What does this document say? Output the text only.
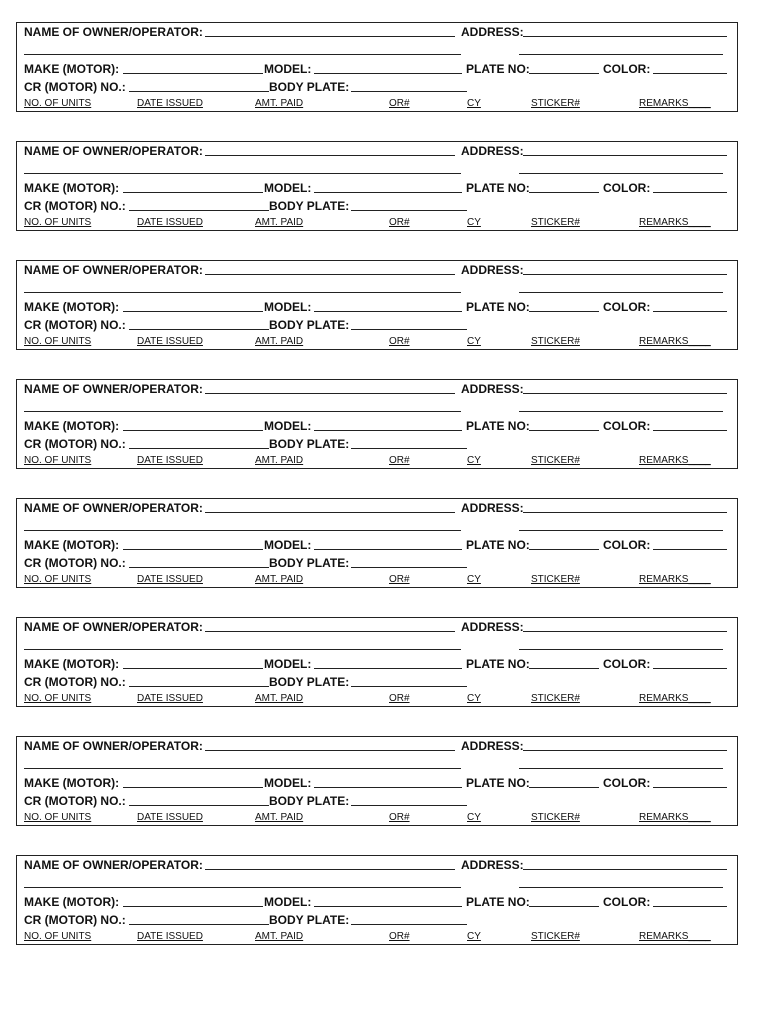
NAME OF OWNER/OPERATOR:	ADDRESS:
MAKE (MOTOR):	MODEL:	PLATE NO:	COLOR:
CR (MOTOR) NO.:	BODY PLATE:
NO. OF UNITS	DATE ISSUED	AMT. PAID	OR#	CY	STICKER#	REMARKS____
NAME OF OWNER/OPERATOR:	ADDRESS:
MAKE (MOTOR):	MODEL:	PLATE NO:	COLOR:
CR (MOTOR) NO.:	BODY PLATE:
NO. OF UNITS	DATE ISSUED	AMT. PAID	OR#	CY	STICKER#	REMARKS____
NAME OF OWNER/OPERATOR:	ADDRESS:
MAKE (MOTOR):	MODEL:	PLATE NO:	COLOR:
CR (MOTOR) NO.:	BODY PLATE:
NO. OF UNITS	DATE ISSUED	AMT. PAID	OR#	CY	STICKER#	REMARKS____
NAME OF OWNER/OPERATOR:	ADDRESS:
MAKE (MOTOR):	MODEL:	PLATE NO:	COLOR:
CR (MOTOR) NO.:	BODY PLATE:
NO. OF UNITS	DATE ISSUED	AMT. PAID	OR#	CY	STICKER#	REMARKS____
NAME OF OWNER/OPERATOR:	ADDRESS:
MAKE (MOTOR):	MODEL:	PLATE NO:	COLOR:
CR (MOTOR) NO.:	BODY PLATE:
NO. OF UNITS	DATE ISSUED	AMT. PAID	OR#	CY	STICKER#	REMARKS____
NAME OF OWNER/OPERATOR:	ADDRESS:
MAKE (MOTOR):	MODEL:	PLATE NO:	COLOR:
CR (MOTOR) NO.:	BODY PLATE:
NO. OF UNITS	DATE ISSUED	AMT. PAID	OR#	CY	STICKER#	REMARKS____
NAME OF OWNER/OPERATOR:	ADDRESS:
MAKE (MOTOR):	MODEL:	PLATE NO:	COLOR:
CR (MOTOR) NO.:	BODY PLATE:
NO. OF UNITS	DATE ISSUED	AMT. PAID	OR#	CY	STICKER#	REMARKS____
NAME OF OWNER/OPERATOR:	ADDRESS:
MAKE (MOTOR):	MODEL:	PLATE NO:	COLOR:
CR (MOTOR) NO.:	BODY PLATE:
NO. OF UNITS	DATE ISSUED	AMT. PAID	OR#	CY	STICKER#	REMARKS____
